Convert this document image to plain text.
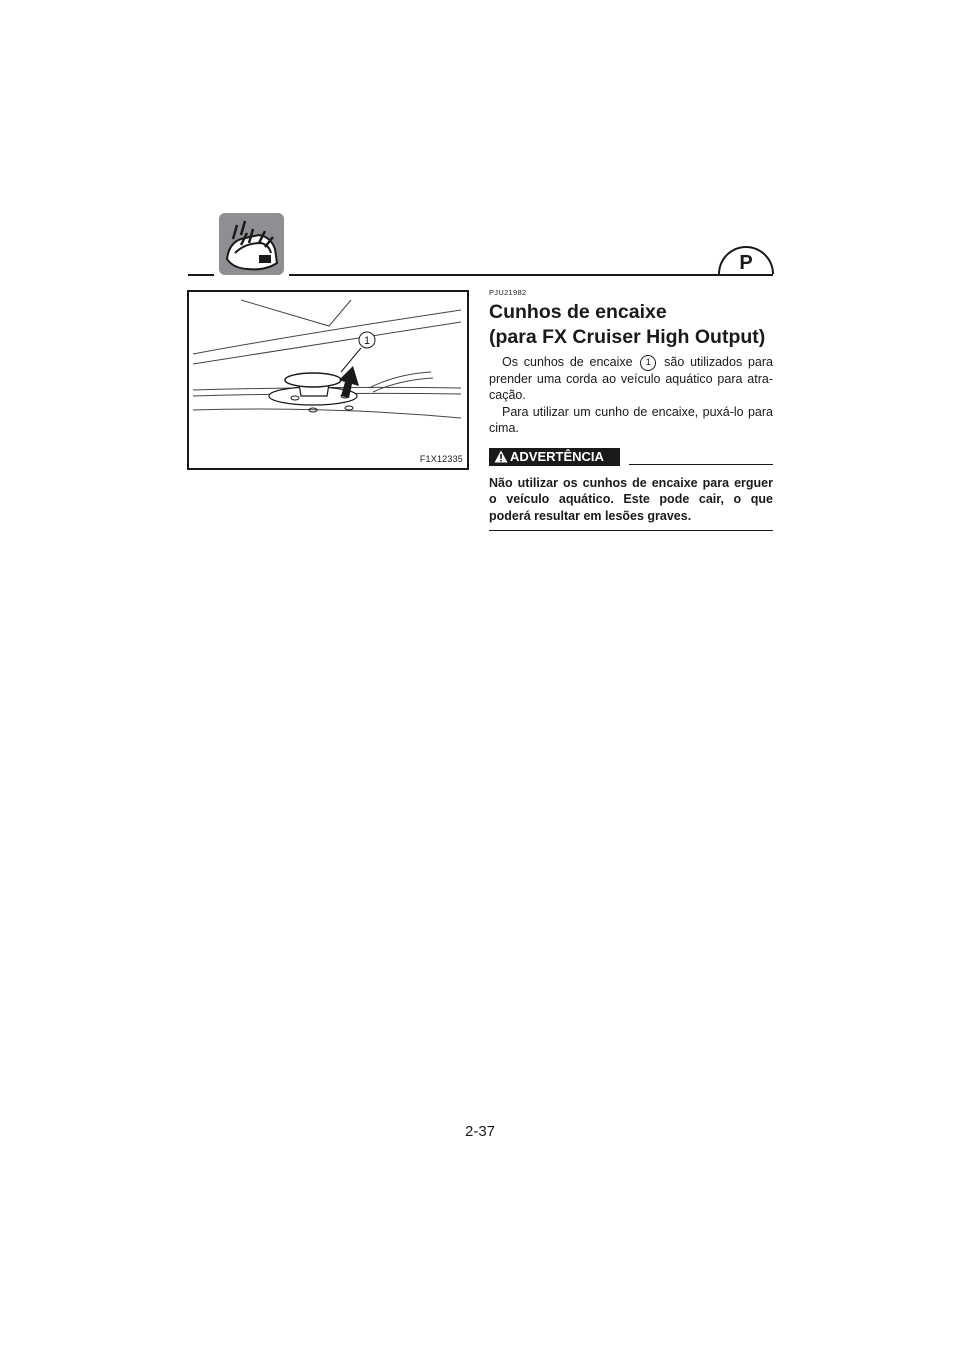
P
1
F1X12335

PJU21982

Cunhos de encaixe
(para FX Cruiser High Output)

Os cunhos de encaixe 1 são utilizados para prender uma corda ao veículo aquático para atra-cação.

Para utilizar um cunho de encaixe, puxá-lo para cima.

ADVERTÊNCIA

Não utilizar os cunhos de encaixe para erguer o veículo aquático. Este pode cair, o que poderá resultar em lesões graves.

2-37
